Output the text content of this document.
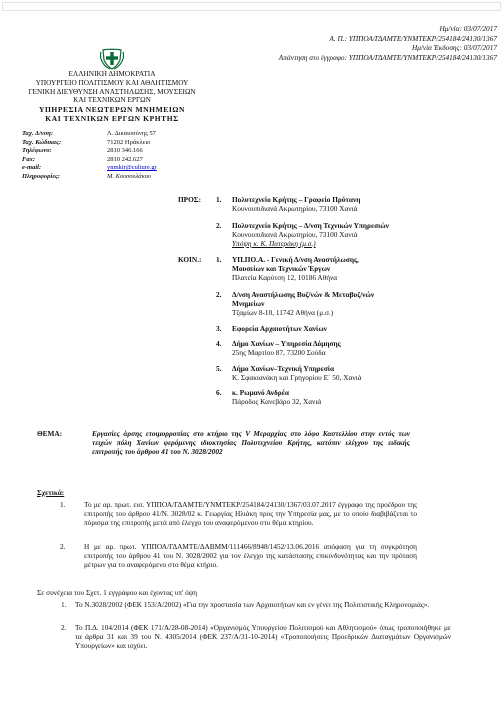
Ημ/νία: 03/07/2017
Α. Π.: ΥΠΠΟΑ/ΓΔΑΜΤΕ/ΥΝΜΤΕΚΡ/254184/24130/1367
Ημ/νία Έκδοσης: 03/07/2017
Απάντηση στο έγγραφο: ΥΠΠΟΑ/ΓΔΑΜΤΕ/ΥΝΜΤΕΚΡ/254184/24130/1367
ΕΛΛΗΝΙΚΗ ΔΗΜΟΚΡΑΤΙΑ
ΥΠΟΥΡΓΕΙΟ ΠΟΛΙΤΙΣΜΟΥ ΚΑΙ ΑΘΛΗΤΙΣΜΟΥ
ΓΕΝΙΚΗ ΔΙΕΥΘΥΝΣΗ ΑΝΑΣΤΗΛΩΣΗΣ, ΜΟΥΣΕΙΩΝ
ΚΑΙ ΤΕΧΝΙΚΩΝ ΕΡΓΩΝ
ΥΠΗΡΕΣΙΑ ΝΕΩΤΕΡΩΝ ΜΝΗΜΕΙΩΝ
ΚΑΙ ΤΕΧΝΙΚΩΝ ΕΡΓΩΝ ΚΡΗΤΗΣ
Ταχ. Δ/νση:	Λ. Δικαιοσύνης 57
Ταχ. Κώδικας:	71202 Ηράκλειο
Τηλέφωνο:	2810 346.166
Fax:	2810 242.627
e-mail:	ynmktr@culture.gr
Πληροφορίες:	Μ. Κουσουλάκου
ΠΡΟΣ: 1. Πολυτεχνείο Κρήτης – Γραφείο Πρύτανη
Κουνουπιδιανά Ακρωτηρίου, 73100 Χανιά
2. Πολυτεχνείο Κρήτης – Δ/νση Τεχνικών Υπηρεσιών
Κουνουπιδιανά Ακρωτηρίου, 73100 Χανιά
Υπόψη κ. Κ. Πατεράκη (μ.σ.)
ΚΟΙΝ.: 1. ΥΠ.ΠΟ.Α. - Γενική Δ/νση Αναστήλωσης,
Μουσείων και Τεχνικών Έργων
Πλατεία Καρύτση 12, 10186 Αθήνα
2. Δ/νση Αναστήλωσης Βυζ/νών & Μεταβυζ/νών
Μνημείων
Τζαμίων 8-10, 11742 Αθήνα (μ.σ.)
3. Εφορεία Αρχαιοτήτων Χανίων
4. Δήμο Χανίων – Υπηρεσία Δόμησης
25ης Μαρτίου 87, 73200 Σούδα
5. Δήμο Χανίων–Τεχνική Υπηρεσία
Κ. Σφακιανάκη και Γρηγορίου Ε΄ 50, Χανιά
6. κ. Ρωμανό Ανδρέα
Πάροδος Κανεβάρο 32, Χανιά
ΘΕΜΑ:	Εργασίες άρσης ετοιμορροπίας στο κτήριο της V Μεραρχίας στο λόφο Καστελλίου στην εντός των τειχών πόλη Χανίων φερόμενης ιδιοκτησίας Πολυτεχνείου Κρήτης, κατόπιν ελέγχου της ειδικής επιτροπής του άρθρου 41 του Ν. 3028/2002
Σχετικά:
1.	Το με αρ. πρωτ. εισ. ΥΠΠΟΑ/ΓΔΑΜΤΕ/ΥΝΜΤΕΚΡ/254184/24130/1367/03.07.2017 έγγραφο της προέδρου της επιτροπής του άρθρου 41/Ν. 3028/02 κ. Γεωργίας Ηλιάκη προς την Υπηρεσία μας, με το οποίο διαβιβάζεται το πόρισμα της επιτροπής μετά από έλεγχο του αναφερόμενου στο θέμα κτηρίου.
2.	Η με αρ. πρωτ. ΥΠΠΟΑ/ΓΔΑΜΤΕ/ΔΑΒΜΜ/111466/8948/1452/13.06.2016 απόφαση για τη συγκρότηση επιτροπής του άρθρου 41 του Ν. 3028/2002 για τον έλεγχο της κατάστασης επικινδυνότητας και την πρόταση μέτρων για το αναφερόμενο στο θέμα κτήριο.
Σε συνέχεια του Σχετ. 1 εγγράφου και έχοντας υπ' όψη
1. Το Ν.3028/2002 (ΦΕΚ 153/Α/2002) «Για την προστασία των Αρχαιοτήτων και εν γένει της Πολιτιστικής Κληρονομιάς».
2. Το Π.Δ. 104/2014 (ΦΕΚ 171/Α/28-08-2014) «Οργανισμός Υπουργείου Πολιτισμού και Αθλητισμού» όπως τροποποιήθηκε με τα άρθρα 31 και 39 του Ν. 4305/2014 (ΦΕΚ 237/Α/31-10-2014) «Τροποποιήσεις Προεδρικών Διαταγμάτων Οργανισμών Υπουργείων» και ισχύει.
